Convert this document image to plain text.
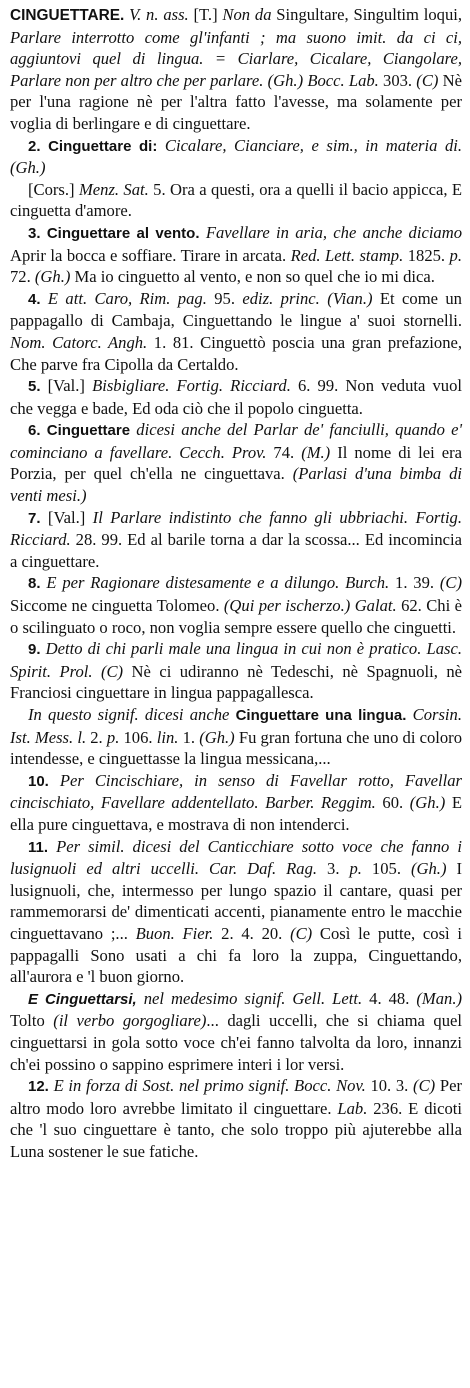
CINGUETTARE. V. n. ass. [T.] Non da Singultare, Singultim loqui, Parlare interrotto come gl'infanti ; ma suono imit. da ci ci, aggiuntovi quel di lingua. = Ciarlare, Cicalare, Ciangolare, Parlare non per altro che per parlare. (Gh.) Bocc. Lab. 303. (C) Nè per l'una ragione nè per l'altra fatto l'avesse, ma solamente per voglia di berlingare e di cinguettare.

2. Cinguettare di: Cicalare, Cianciare, e sim., in materia di. (Gh.)

[Cors.] Menz. Sat. 5. Ora a questi, ora a quelli il bacio appicca, E cinguetta d'amore.

3. Cinguettare al vento. Favellare in aria, che anche diciamo Aprir la bocca e soffiare. Tirare in arcata. Red. Lett. stamp. 1825. p. 72. (Gh.) Ma io cinguetto al vento, e non so quel che io mi dica.

4. E att. Caro, Rim. pag. 95. ediz. princ. (Vian.) Et come un pappagallo di Cambaja, Cinguettando le lingue a' suoi stornelli. Nom. Catorc. Angh. 1. 81. Cinguettò poscia una gran prefazione, Che parve fra Cipolla da Certaldo.

5. [Val.] Bisbigliare. Fortig. Ricciard. 6. 99. Non veduta vuol che vegga e bade, Ed oda ciò che il popolo cinguetta.

6. Cinguettare dicesi anche del Parlar de' fanciulli, quando e' cominciano a favellare. Cecch. Prov. 74. (M.) Il nome di lei era Porzia, per quel ch'ella ne cinguettava. (Parlasi d'una bimba di venti mesi.)

7. [Val.] Il Parlare indistinto che fanno gli ubbriachi. Fortig. Ricciard. 28. 99. Ed al barile torna a dar la scossa... Ed incomincia a cinguettare.

8. E per Ragionare distesamente e a dilungo. Burch. 1. 39. (C) Siccome ne cinguetta Tolomeo. (Qui per ischerzo.) Galat. 62. Chi è o scilinguato o roco, non voglia sempre essere quello che cinguetti.

9. Detto di chi parli male una lingua in cui non è pratico. Lasc. Spirit. Prol. (C) Nè ci udiranno nè Tedeschi, nè Spagnuoli, nè Franciosi cinguettare in lingua pappagallesca.

In questo signif. dicesi anche Cinguettare una lingua. Corsin. Ist. Mess. l. 2. p. 106. lin. 1. (Gh.) Fu gran fortuna che uno di coloro intendesse, e cinguettasse la lingua messicana,...

10. Per Cincischiare, in senso di Favellar rotto, Favellar cincischiato, Favellare addentellato. Barber. Reggim. 60. (Gh.) E ella pure cinguettava, e mostrava di non intenderci.

11. Per simil. dicesi del Canticchiare sotto voce che fanno i lusignuoli ed altri uccelli. Car. Daf. Rag. 3. p. 105. (Gh.) I lusignuoli, che, intermesso per lungo spazio il cantare, quasi per rammemorarsi de' dimenticati accenti, pianamente entro le macchie cinguettavano ;... Buon. Fier. 2. 4. 20. (C) Così le putte, così i pappagalli Sono usati a chi fa loro la zuppa, Cinguettando, all'aurora e 'l buon giorno.

E Cinguettarsi, nel medesimo signif. Gell. Lett. 4. 48. (Man.) Tolto (il verbo gorgogliare)... dagli uccelli, che si chiama quel cinguettarsi in gola sotto voce ch'ei fanno talvolta da loro, innanzi ch'ei possino o sappino esprimere interi i lor versi.

12. E in forza di Sost. nel primo signif. Bocc. Nov. 10. 3. (C) Per altro modo loro avrebbe limitato il cinguettare. Lab. 236. E dicoti che 'l suo cinguettare è tanto, che solo troppo più ajuterebbe alla Luna sostener le sue fatiche.
